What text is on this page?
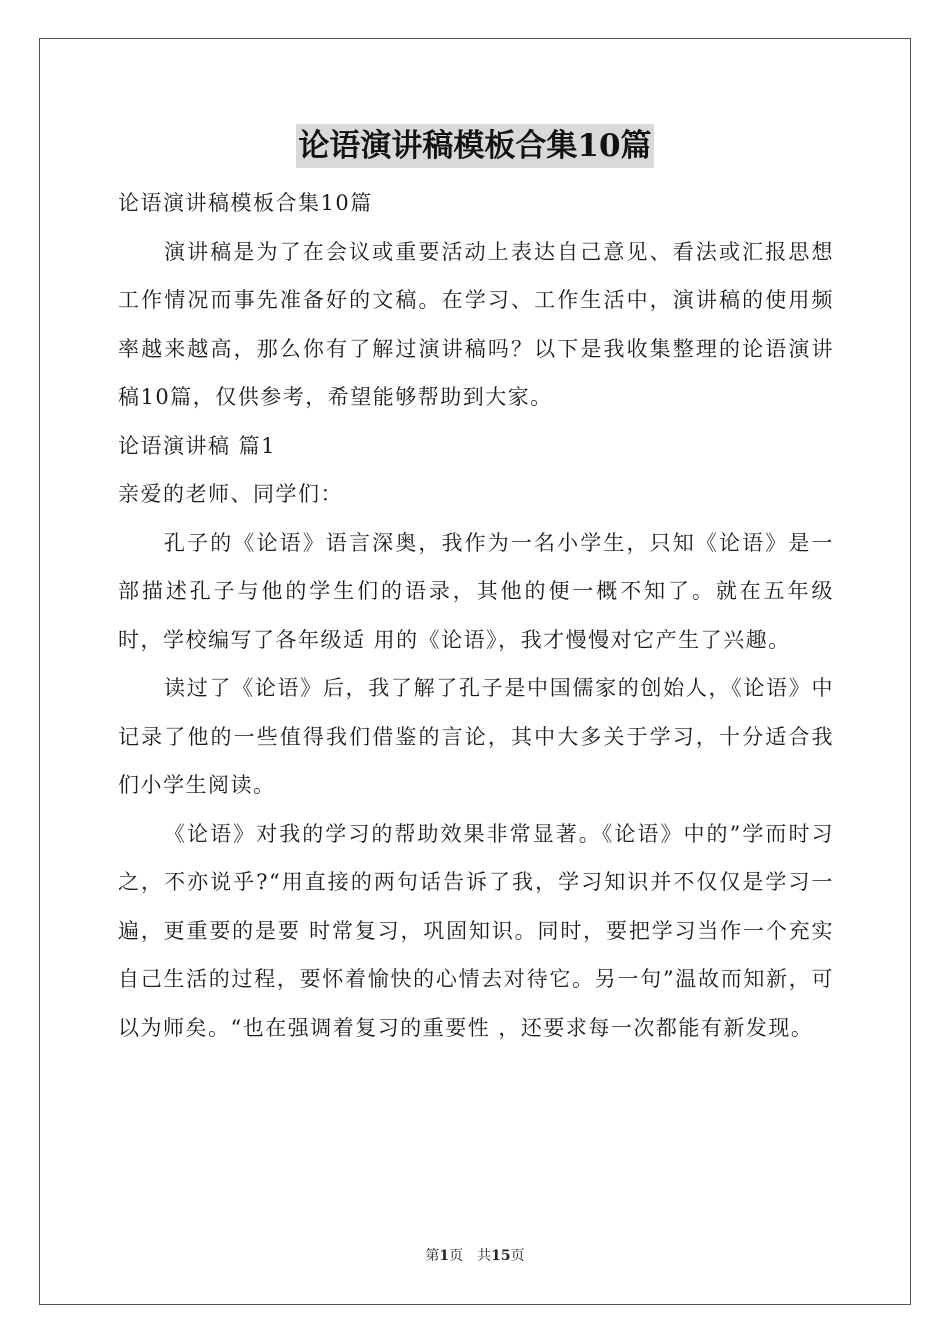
论语演讲稿模板合集10篇

论语演讲稿模板合集10篇

演讲稿是为了在会议或重要活动上表达自己意见、看法或汇报思想工作情况而事先准备好的文稿。在学习、工作生活中，演讲稿的使用频率越来越高，那么你有了解过演讲稿吗？以下是我收集整理的论语演讲稿10篇，仅供参考，希望能够帮助到大家。

论语演讲稿 篇1

亲爱的老师、同学们：

孔子的《论语》语言深奥，我作为一名小学生，只知《论语》是一部描述孔子与他的学生们的语录，其他的便一概不知了。就在五年级时，学校编写了各年级适 用的《论语》，我才慢慢对它产生了兴趣。

读过了《论语》后，我了解了孔子是中国儒家的创始人，《论语》中记录了他的一些值得我们借鉴的言论，其中大多关于学习，十分适合我们小学生阅读。

《论语》对我的学习的帮助效果非常显著。《论语》中的”学而时习之，不亦说乎?“用直接的两句话告诉了我，学习知识并不仅仅是学习一遍，更重要的是要 时常复习，巩固知识。同时，要把学习当作一个充实自己生活的过程，要怀着愉快的心情去对待它。另一句”温故而知新，可以为师矣。“也在强调着复习的重要性 ，还要求每一次都能有新发现。

第1页　共15页
